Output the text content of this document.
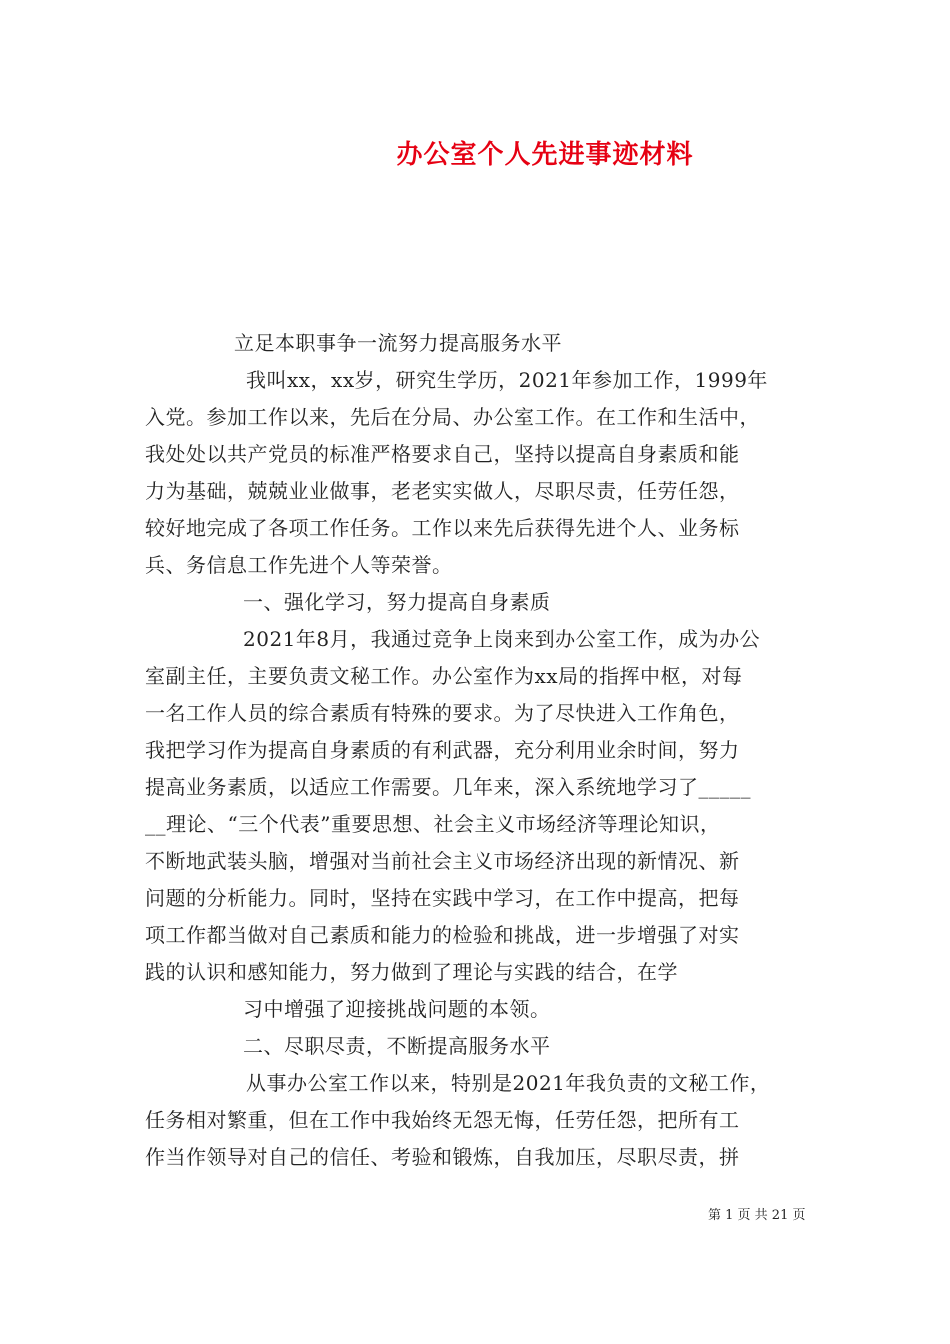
办公室个人先进事迹材料
立足本职事争一流努力提高服务水平
我叫xx，xx岁，研究生学历，2021年参加工作，1999年
入党。参加工作以来，先后在分局、办公室工作。在工作和生活中，
我处处以共产党员的标准严格要求自己，坚持以提高自身素质和能
力为基础，兢兢业业做事，老老实实做人，尽职尽责，任劳任怨，
较好地完成了各项工作任务。工作以来先后获得先进个人、业务标
兵、务信息工作先进个人等荣誉。
一、强化学习，努力提高自身素质
2021年8月，我通过竞争上岗来到办公室工作，成为办公
室副主任，主要负责文秘工作。办公室作为xx局的指挥中枢，对每
一名工作人员的综合素质有特殊的要求。为了尽快进入工作角色，
我把学习作为提高自身素质的有利武器，充分利用业余时间，努力
提高业务素质，以适应工作需要。几年来，深入系统地学习了_____
__理论、“三个代表”重要思想、社会主义市场经济等理论知识，
不断地武装头脑，增强对当前社会主义市场经济出现的新情况、新
问题的分析能力。同时，坚持在实践中学习，在工作中提高，把每
项工作都当做对自己素质和能力的检验和挑战，进一步增强了对实
践的认识和感知能力，努力做到了理论与实践的结合，在学
习中增强了迎接挑战问题的本领。
二、尽职尽责，不断提高服务水平
从事办公室工作以来，特别是2021年我负责的文秘工作，
任务相对繁重，但在工作中我始终无怨无悔，任劳任怨，把所有工
作当作领导对自己的信任、考验和锻炼，自我加压，尽职尽责，拼
第 1 页 共 21 页
